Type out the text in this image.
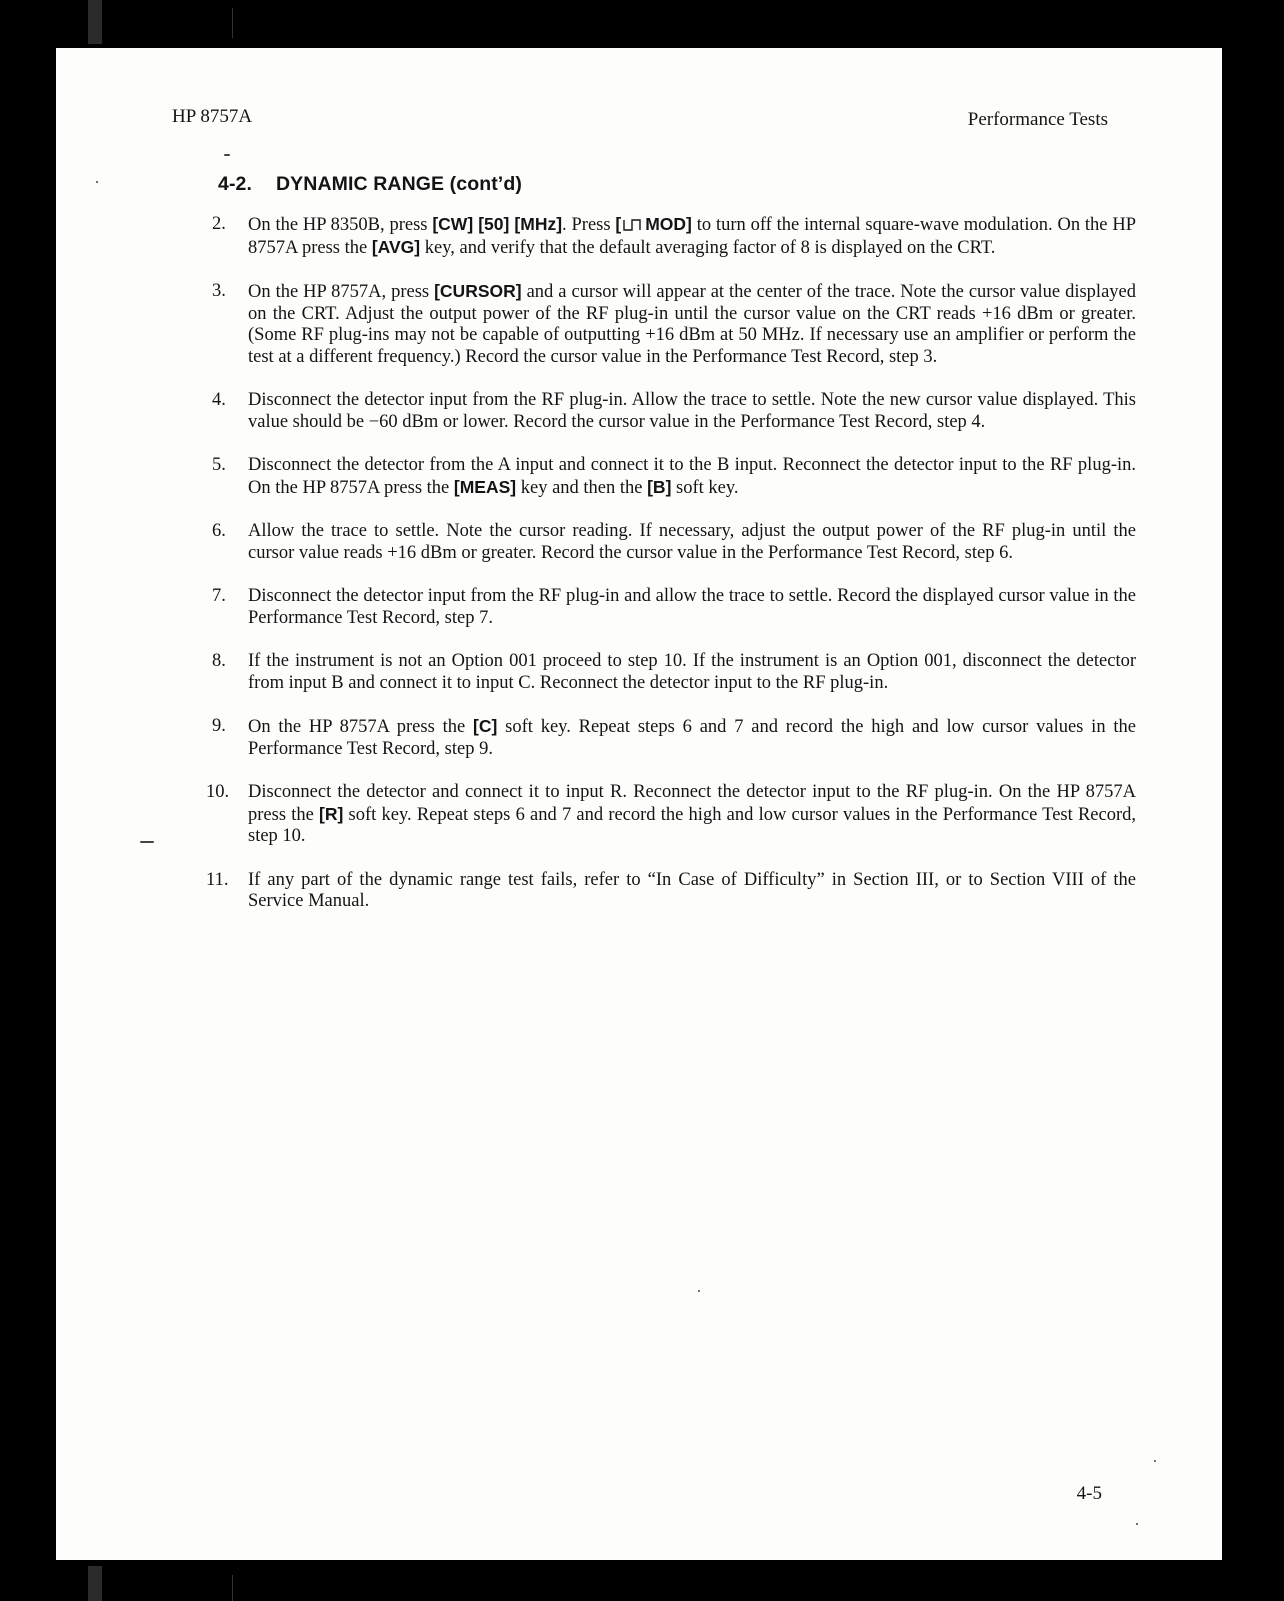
HP 8757A	Performance Tests
4-2. DYNAMIC RANGE (cont’d)
2.	On the HP 8350B, press [CW] [50] [MHz]. Press [ MOD] to turn off the internal square-wave modulation. On the HP 8757A press the [AVG] key, and verify that the default averaging factor of 8 is displayed on the CRT.
3.	On the HP 8757A, press [CURSOR] and a cursor will appear at the center of the trace. Note the cursor value displayed on the CRT. Adjust the output power of the RF plug-in until the cursor value on the CRT reads +16 dBm or greater. (Some RF plug-ins may not be capable of outputting +16 dBm at 50 MHz. If necessary use an amplifier or perform the test at a different frequency.) Record the cursor value in the Performance Test Record, step 3.
4.	Disconnect the detector input from the RF plug-in. Allow the trace to settle. Note the new cursor value displayed. This value should be −60 dBm or lower. Record the cursor value in the Performance Test Record, step 4.
5.	Disconnect the detector from the A input and connect it to the B input. Reconnect the detector input to the RF plug-in. On the HP 8757A press the [MEAS] key and then the [B] soft key.
6.	Allow the trace to settle. Note the cursor reading. If necessary, adjust the output power of the RF plug-in until the cursor value reads +16 dBm or greater. Record the cursor value in the Performance Test Record, step 6.
7.	Disconnect the detector input from the RF plug-in and allow the trace to settle. Record the displayed cursor value in the Performance Test Record, step 7.
8.	If the instrument is not an Option 001 proceed to step 10. If the instrument is an Option 001, disconnect the detector from input B and connect it to input C. Reconnect the detector input to the RF plug-in.
9.	On the HP 8757A press the [C] soft key. Repeat steps 6 and 7 and record the high and low cursor values in the Performance Test Record, step 9.
10.	Disconnect the detector and connect it to input R. Reconnect the detector input to the RF plug-in. On the HP 8757A press the [R] soft key. Repeat steps 6 and 7 and record the high and low cursor values in the Performance Test Record, step 10.
11.	If any part of the dynamic range test fails, refer to “In Case of Difficulty” in Section III, or to Section VIII of the Service Manual.
4-5
